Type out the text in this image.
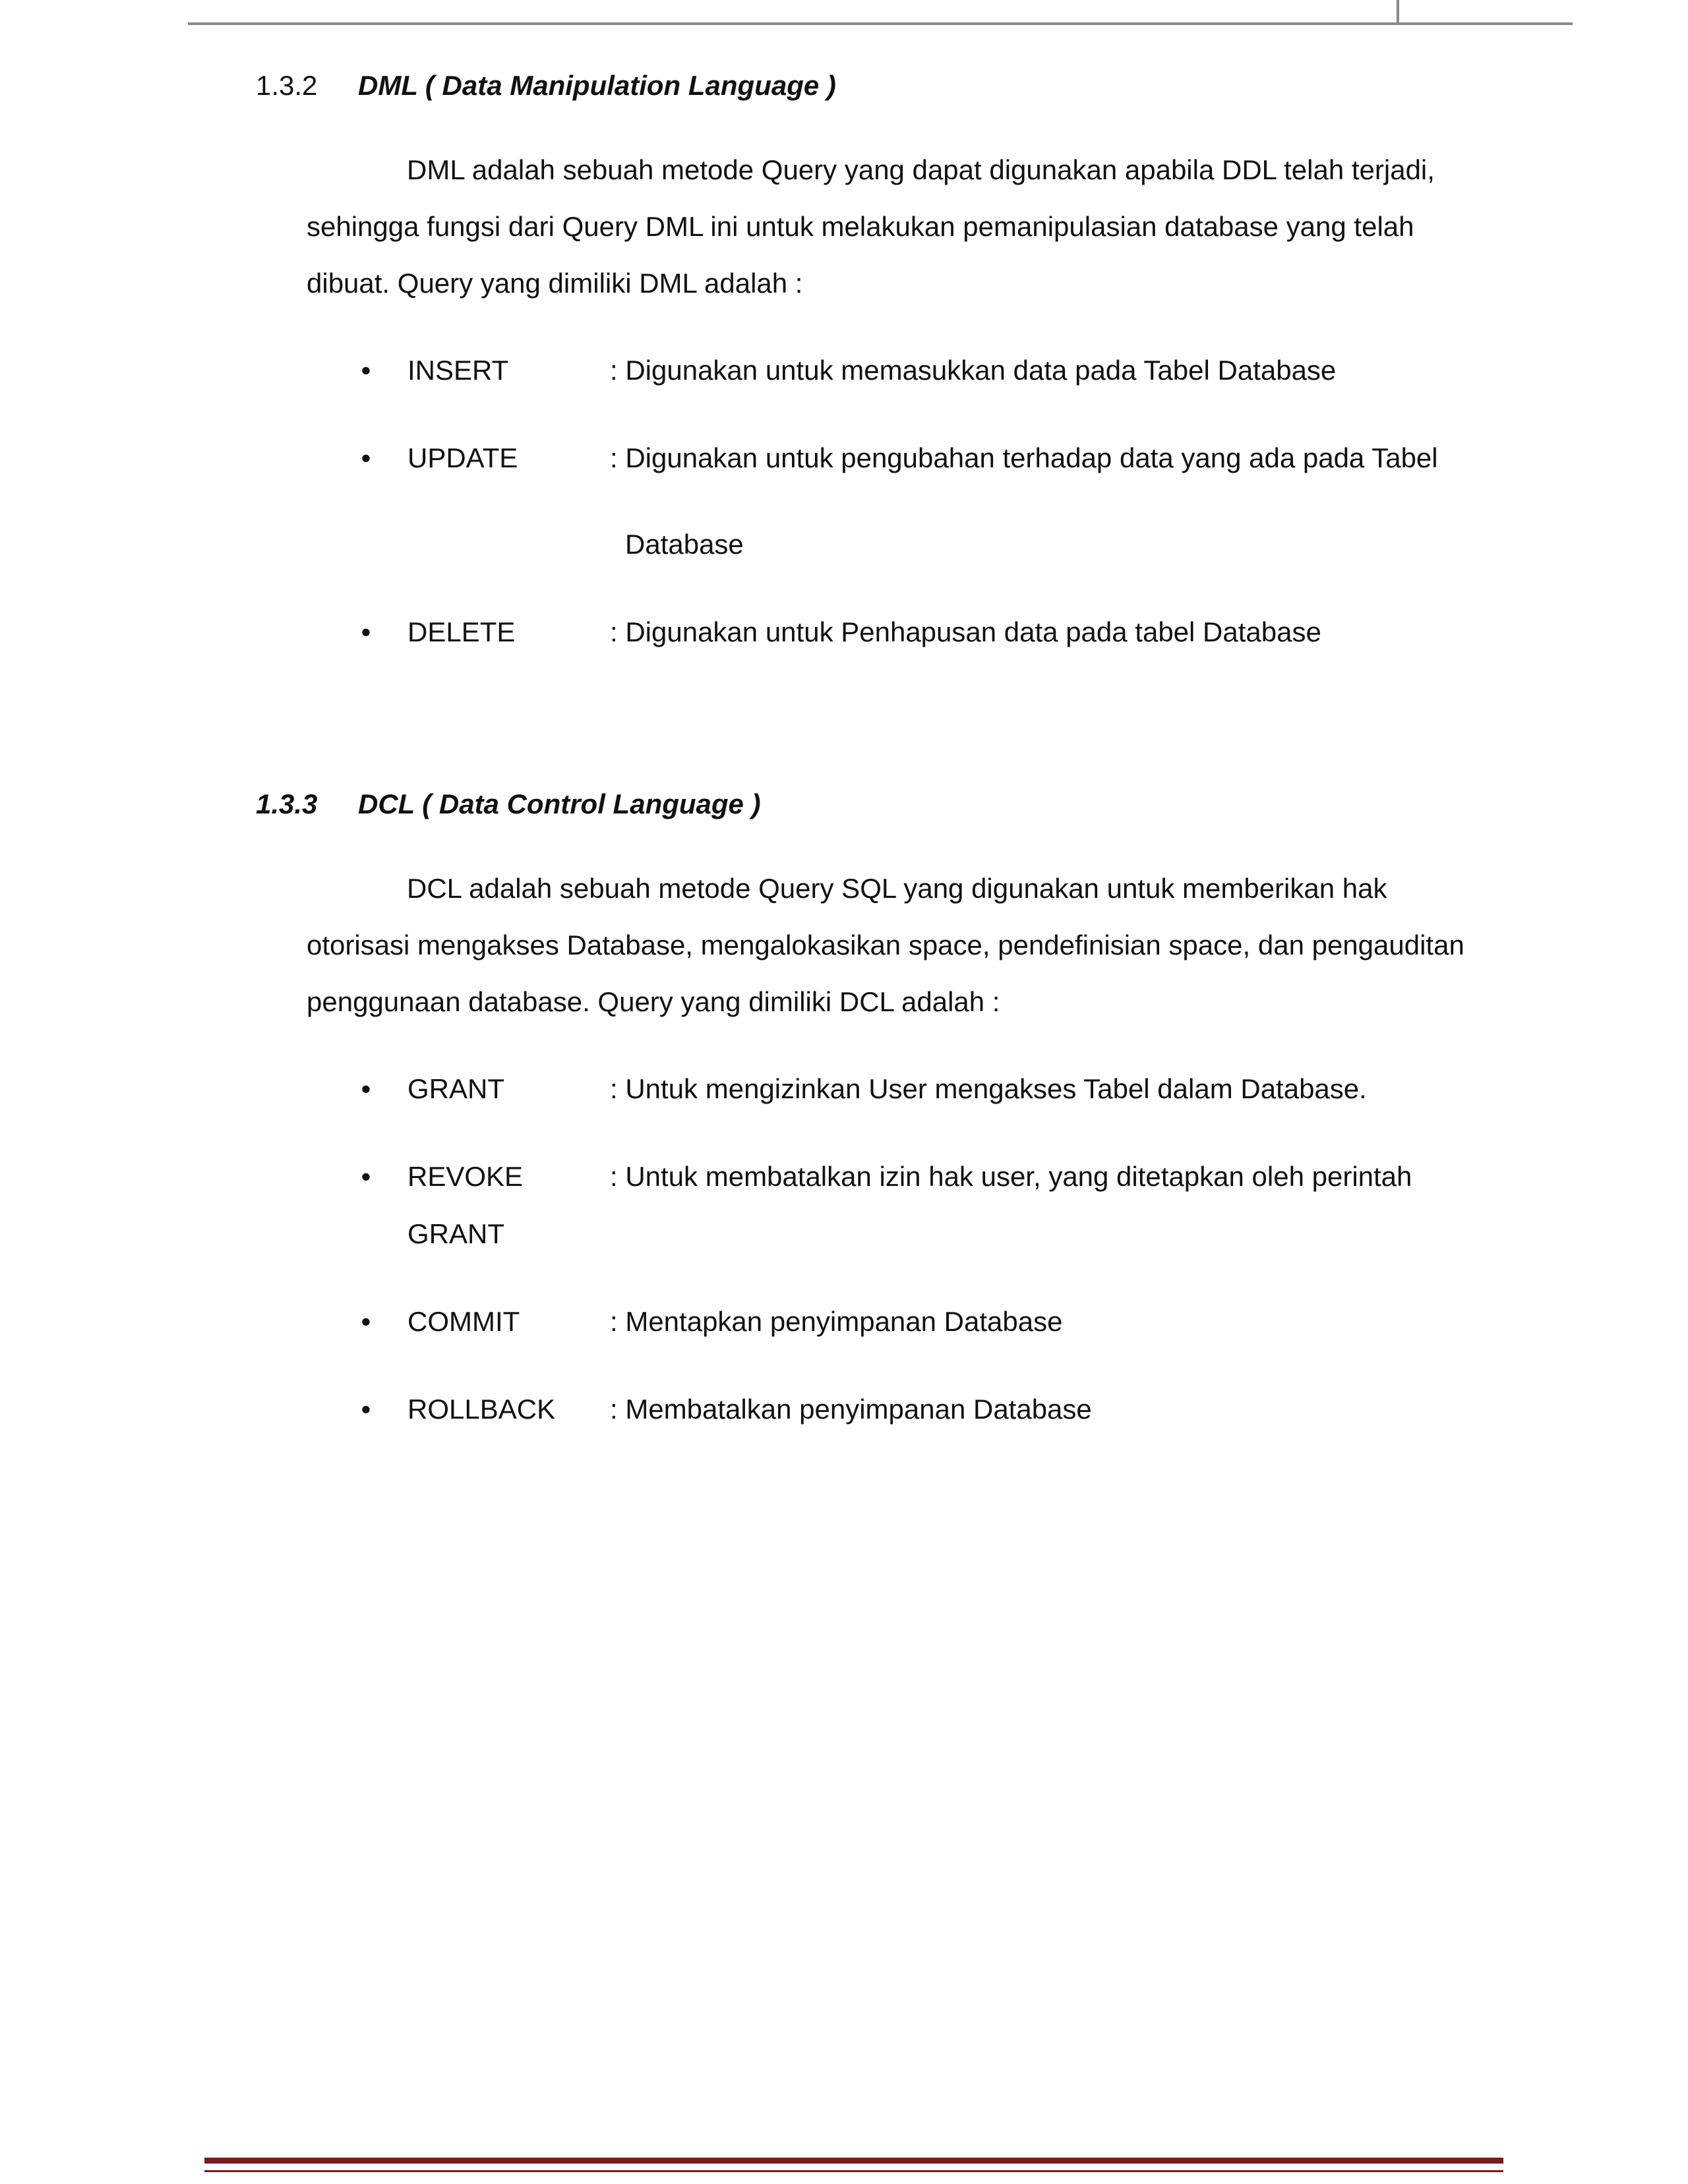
1.3.2 DML ( Data Manipulation Language )
DML adalah sebuah metode Query yang dapat digunakan apabila DDL telah terjadi,
sehingga fungsi dari Query DML ini untuk melakukan pemanipulasian database yang telah
dibuat. Query yang dimiliki DML adalah :
• INSERT	: Digunakan untuk memasukkan data pada Tabel Database
• UPDATE	: Digunakan untuk pengubahan terhadap data yang ada pada Tabel
Database
• DELETE	: Digunakan untuk Penhapusan data pada tabel Database
1.3.3 DCL ( Data Control Language )
DCL adalah sebuah metode Query SQL yang digunakan untuk memberikan hak
otorisasi mengakses Database, mengalokasikan space, pendefinisian space, dan pengauditan
penggunaan database. Query yang dimiliki DCL adalah :
• GRANT	: Untuk mengizinkan User mengakses Tabel dalam Database.
• REVOKE	: Untuk membatalkan izin hak user, yang ditetapkan oleh perintah
GRANT
• COMMIT	: Mentapkan penyimpanan Database
• ROLLBACK : Membatalkan penyimpanan Database
